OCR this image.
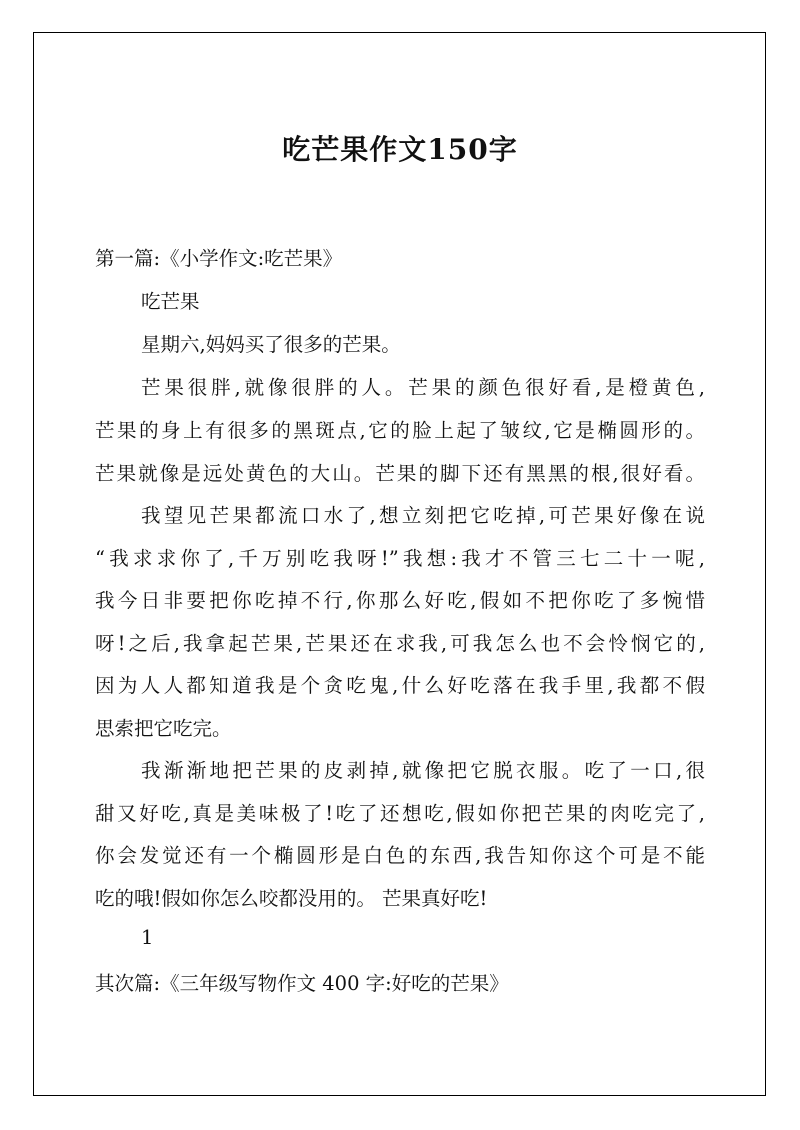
吃芒果作文150字
第一篇:《小学作文:吃芒果》
吃芒果
星期六,妈妈买了很多的芒果。
芒果很胖,就像很胖的人。芒果的颜色很好看,是橙黄色,
芒果的身上有很多的黑斑点,它的脸上起了皱纹,它是椭圆形的。
芒果就像是远处黄色的大山。芒果的脚下还有黑黑的根,很好看。
我望见芒果都流口水了,想立刻把它吃掉,可芒果好像在说
“我求求你了,千万别吃我呀!”我想:我才不管三七二十一呢,
我今日非要把你吃掉不行,你那么好吃,假如不把你吃了多惋惜
呀!之后,我拿起芒果,芒果还在求我,可我怎么也不会怜悯它的,
因为人人都知道我是个贪吃鬼,什么好吃落在我手里,我都不假
思索把它吃完。
我渐渐地把芒果的皮剥掉,就像把它脱衣服。吃了一口,很
甜又好吃,真是美味极了!吃了还想吃,假如你把芒果的肉吃完了,
你会发觉还有一个椭圆形是白色的东西,我告知你这个可是不能
吃的哦!假如你怎么咬都没用的。 芒果真好吃!
1
其次篇:《三年级写物作文 400 字:好吃的芒果》
